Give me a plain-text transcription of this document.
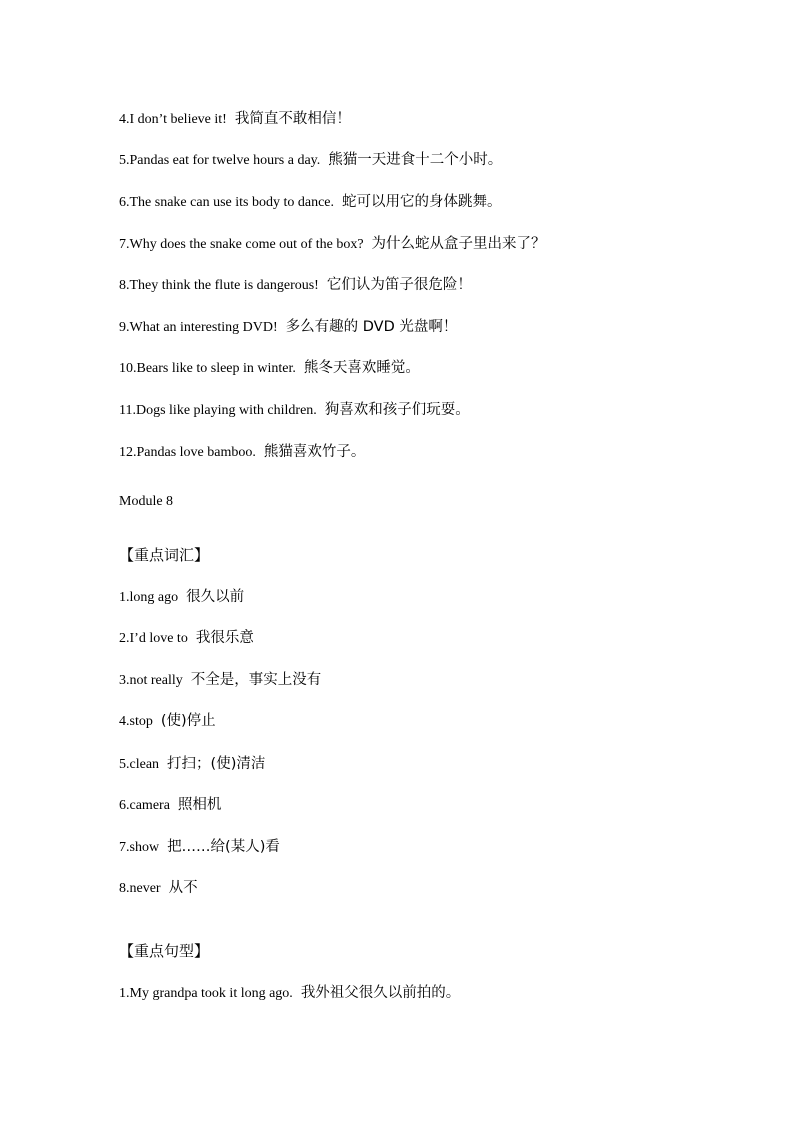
4.I don’t believe it! 我简直不敢相信！
5.Pandas eat for twelve hours a day. 熊猫一天进食十二个小时。
6.The snake can use its body to dance. 蛇可以用它的身体跳舞。
7.Why does the snake come out of the box? 为什么蛇从盒子里出来了？
8.They think the flute is dangerous! 它们认为笛子很危险！
9.What an interesting DVD! 多么有趣的 DVD 光盘啊！
10.Bears like to sleep in winter. 熊冬天喜欢睡觉。
11.Dogs like playing with children. 狗喜欢和孩子们玩耍。
12.Pandas love bamboo. 熊猫喜欢竹子。
Module 8
【重点词汇】
1.long ago 很久以前
2.I’d love to 我很乐意
3.not really 不全是，事实上没有
4.stop (使)停止
5.clean 打扫；(使)清洁
6.camera 照相机
7.show 把……给(某人)看
8.never 从不
【重点句型】
1.My grandpa took it long ago. 我外祖父很久以前拍的。
